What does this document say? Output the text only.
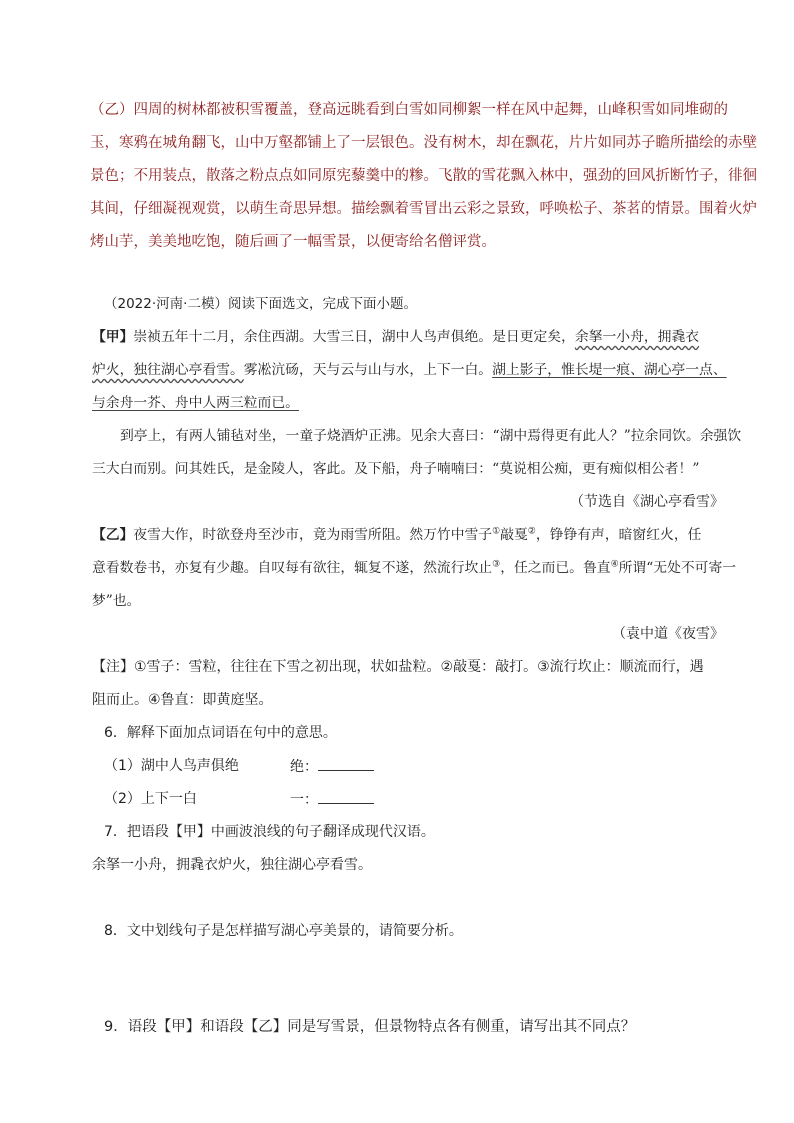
（乙）四周的树林都被积雪覆盖，登高远眺看到白雪如同柳絮一样在风中起舞，山峰积雪如同堆砌的
玉，寒鸦在城角翻飞，山中万壑都铺上了一层银色。没有树木，却在飘花，片片如同苏子瞻所描绘的赤壁
景色；不用装点，散落之粉点点如同原宪藜羹中的糁。飞散的雪花飘入林中，强劲的回风折断竹子，徘徊
其间，仔细凝视观赏，以萌生奇思异想。描绘飘着雪冒出云彩之景致，呼唤松子、茶茗的情景。围着火炉
烤山芋，美美地吃饱，随后画了一幅雪景，以便寄给名僧评赏。
（2022·河南·二模）阅读下面选文，完成下面小题。
【甲】崇祯五年十二月，余住西湖。大雪三日，湖中人鸟声俱绝。是日更定矣，余拏一小舟，拥毳衣
炉火，独往湖心亭看雪。雾凇沆砀，天与云与山与水，上下一白。湖上影子，惟长堤一痕、湖心亭一点、
与余舟一芥、舟中人两三粒而已。
到亭上，有两人铺毡对坐，一童子烧酒炉正沸。见余大喜曰：“湖中焉得更有此人？”拉余同饮。余强饮
三大白而别。问其姓氏，是金陵人，客此。及下船，舟子喃喃曰：“莫说相公痴，更有痴似相公者！”
（节选自《湖心亭看雪》
【乙】夜雪大作，时欲登舟至沙市，竟为雨雪所阻。然万竹中雪子①敲戛②，铮铮有声，暗窗红火，任
意看数卷书，亦复有少趣。自叹每有欲往，辄复不遂，然流行坎止③，任之而已。鲁直④所谓“无处不可寄一
梦”也。
（袁中道《夜雪》
【注】①雪子：雪粒，往往在下雪之初出现，状如盐粒。②敲戛：敲打。③流行坎止：顺流而行，遇
阻而止。④鲁直：即黄庭坚。
6．解释下面加点词语在句中的意思。
（1）湖中人鸟声俱绝	绝：
（2）上下一白	一：
7．把语段【甲】中画波浪线的句子翻译成现代汉语。
余拏一小舟，拥毳衣炉火，独往湖心亭看雪。
8．文中划线句子是怎样描写湖心亭美景的，请简要分析。
9．语段【甲】和语段【乙】同是写雪景，但景物特点各有侧重，请写出其不同点？
